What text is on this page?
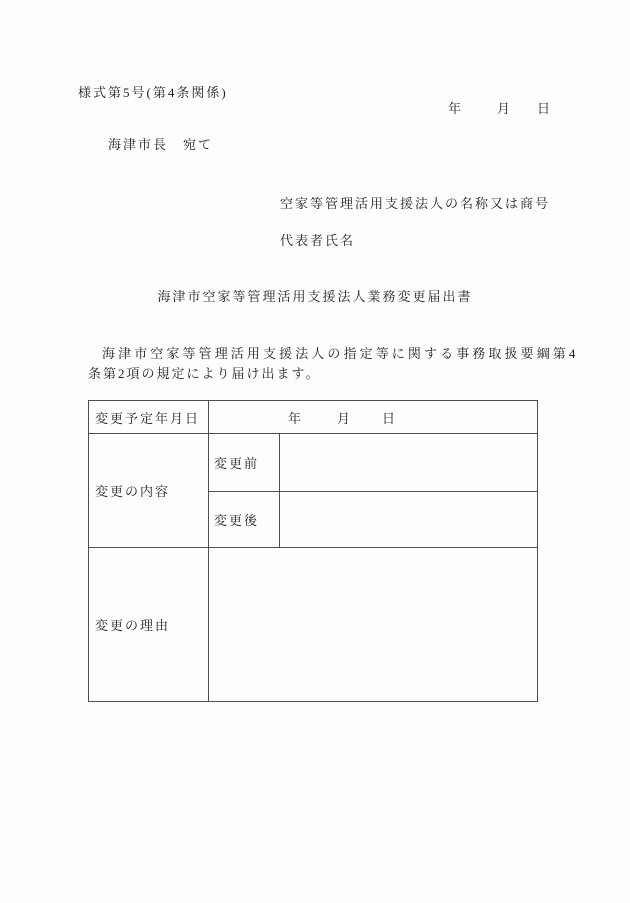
様式第5号(第4条関係)
年	月 日
海津市長　宛て
空家等管理活用支援法人の名称又は商号
代表者氏名
海津市空家等管理活用支援法人業務変更届出書
海津市空家等管理活用支援法人の指定等に関する事務取扱要綱第4
条第2項の規定により届け出ます。
変更予定年月日	年 月 日	
変更の内容	変更前	
	変更後	
変更の理由		
